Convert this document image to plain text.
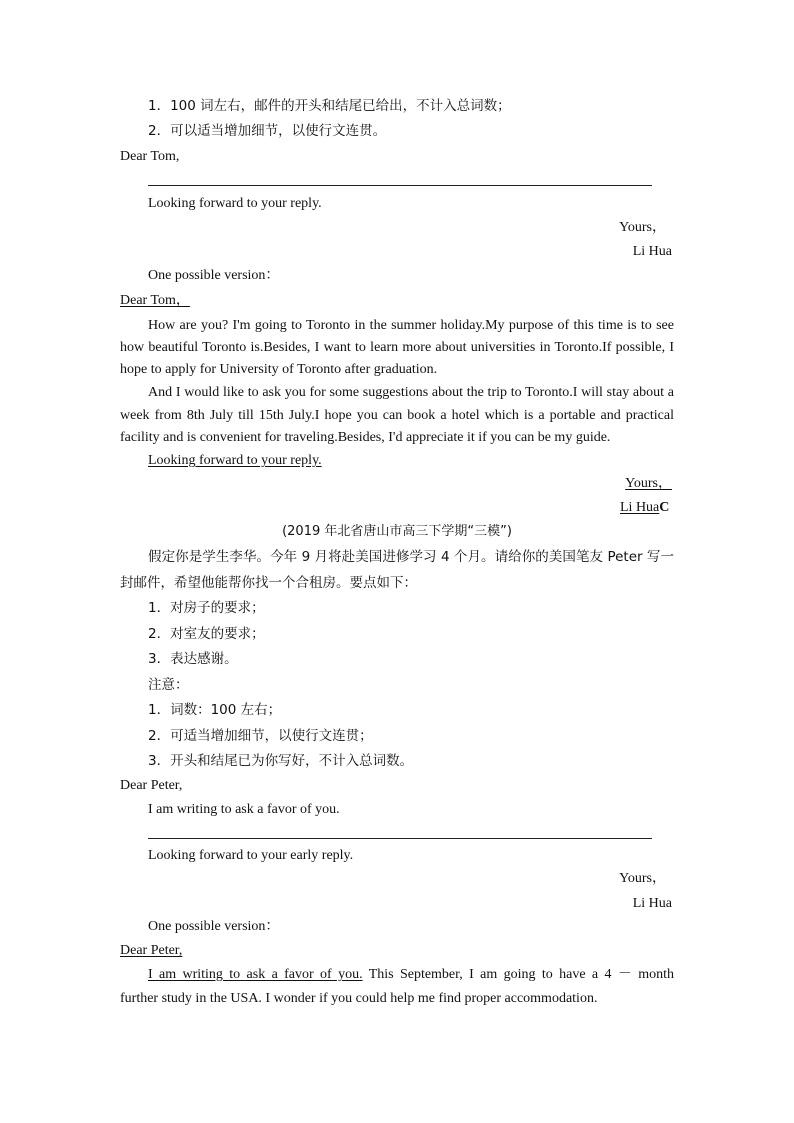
1．100 词左右，邮件的开头和结尾已给出，不计入总词数；
2．可以适当增加细节，以使行文连贯。
Dear Tom,
Looking forward to your reply.
Yours，
Li Hua
One possible version：
Dear Tom，
How are you? I'm going to Toronto in the summer holiday.My purpose of this time is to see
how beautiful Toronto is.Besides, I want to learn more about universities in Toronto.If possible, I
hope to apply for University of Toronto after graduation.
And I would like to ask you for some suggestions about the trip to Toronto.I will stay about a
week from 8th July till 15th July.I hope you can book a hotel which is a portable and practical
facility and is convenient for traveling.Besides, I'd appreciate it if you can be my guide.
Looking forward to your reply.
Yours，
Li HuaC
(2019 年北省唐山市高三下学期“三模”)
假定你是学生李华。今年 9 月将赴美国进修学习 4 个月。请给你的美国笔友 Peter 写一
封邮件，希望他能帮你找一个合租房。要点如下：
1．对房子的要求；
2．对室友的要求；
3．表达感谢。
注意：
1．词数：100 左右；
2．可适当增加细节，以使行文连贯；
3．开头和结尾已为你写好，不计入总词数。
Dear Peter,
I am writing to ask a favor of you.
Looking forward to your early reply.
Yours，
Li Hua
One possible version：
Dear Peter,
I am writing to ask a favor of you. This September, I am going to have a 4 － month
further study in the USA. I wonder if you could help me find proper accommodation.
